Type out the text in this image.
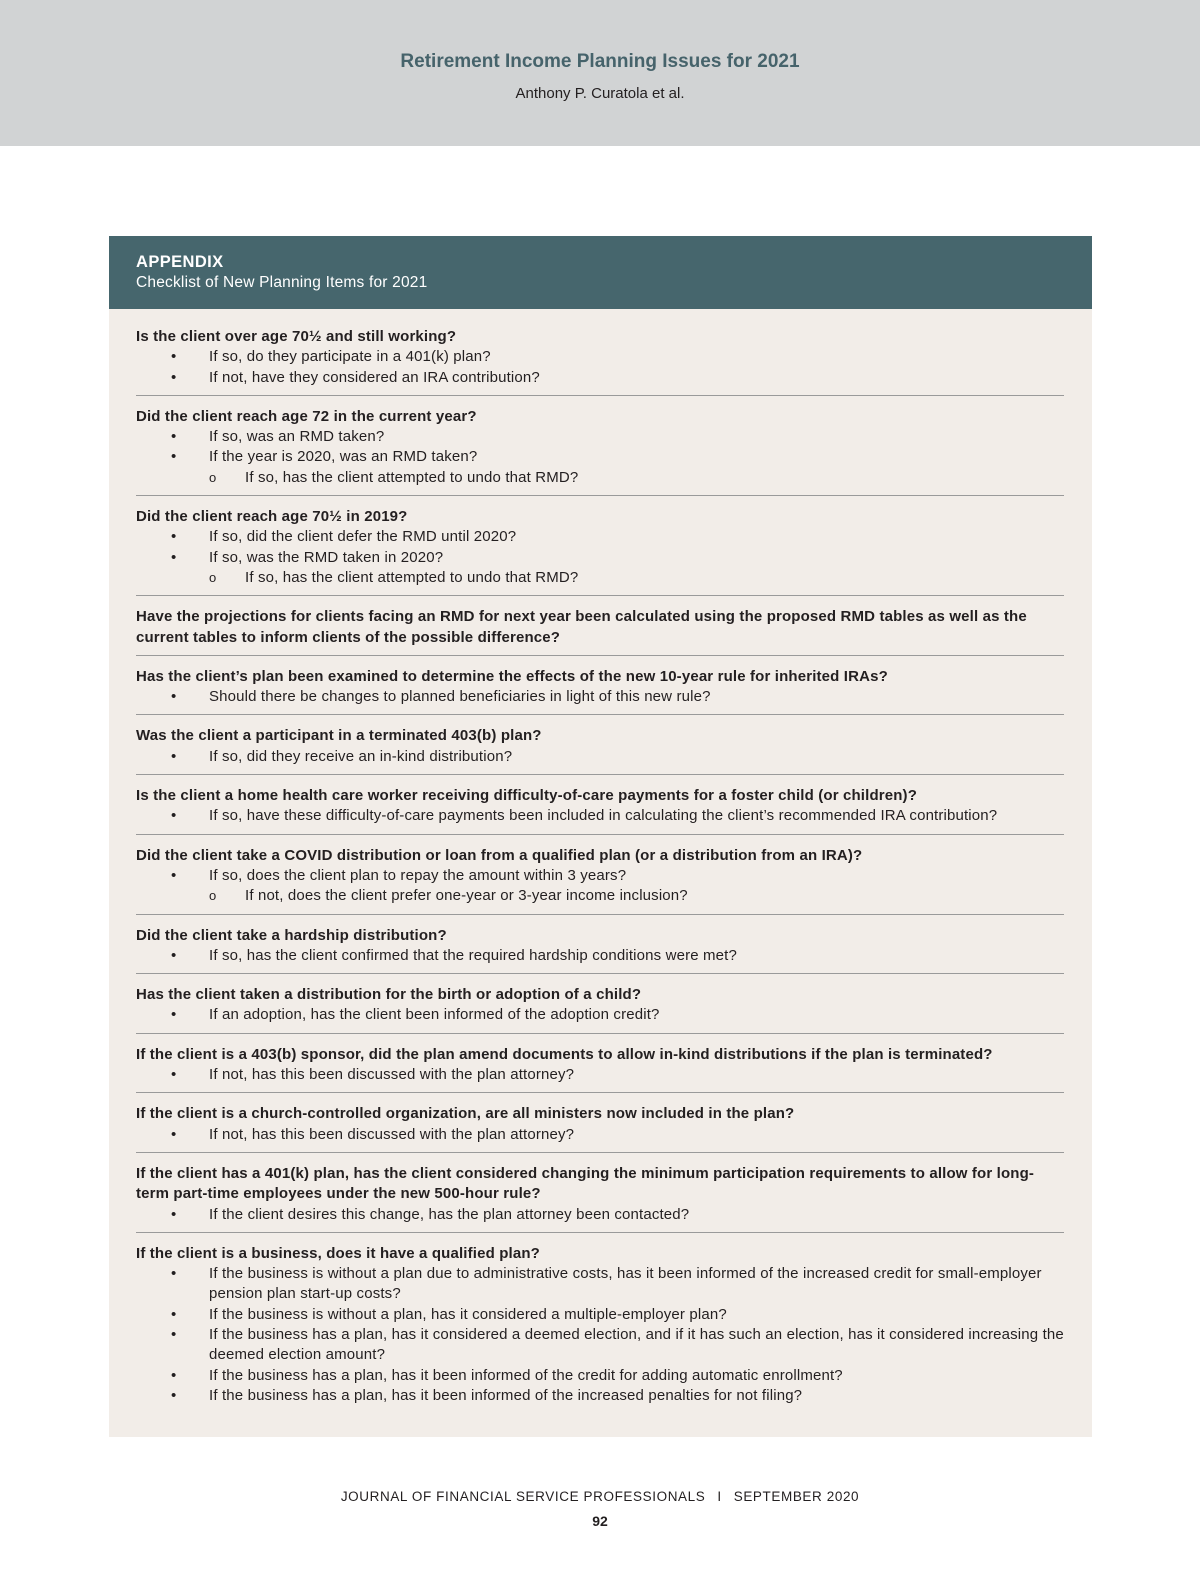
Retirement Income Planning Issues for 2021
Anthony P. Curatola et al.
APPENDIX
Checklist of New Planning Items for 2021
Is the client over age 70½ and still working?
• If so, do they participate in a 401(k) plan?
• If not, have they considered an IRA contribution?
Did the client reach age 72 in the current year?
• If so, was an RMD taken?
• If the year is 2020, was an RMD taken?
o If so, has the client attempted to undo that RMD?
Did the client reach age 70½ in 2019?
• If so, did the client defer the RMD until 2020?
• If so, was the RMD taken in 2020?
o If so, has the client attempted to undo that RMD?
Have the projections for clients facing an RMD for next year been calculated using the proposed RMD tables as well as the current tables to inform clients of the possible difference?
Has the client’s plan been examined to determine the effects of the new 10-year rule for inherited IRAs?
• Should there be changes to planned beneficiaries in light of this new rule?
Was the client a participant in a terminated 403(b) plan?
• If so, did they receive an in-kind distribution?
Is the client a home health care worker receiving difficulty-of-care payments for a foster child (or children)?
• If so, have these difficulty-of-care payments been included in calculating the client’s recommended IRA contribution?
Did the client take a COVID distribution or loan from a qualified plan (or a distribution from an IRA)?
• If so, does the client plan to repay the amount within 3 years?
o If not, does the client prefer one-year or 3-year income inclusion?
Did the client take a hardship distribution?
• If so, has the client confirmed that the required hardship conditions were met?
Has the client taken a distribution for the birth or adoption of a child?
• If an adoption, has the client been informed of the adoption credit?
If the client is a 403(b) sponsor, did the plan amend documents to allow in-kind distributions if the plan is terminated?
• If not, has this been discussed with the plan attorney?
If the client is a church-controlled organization, are all ministers now included in the plan?
• If not, has this been discussed with the plan attorney?
If the client has a 401(k) plan, has the client considered changing the minimum participation requirements to allow for long-term part-time employees under the new 500-hour rule?
• If the client desires this change, has the plan attorney been contacted?
If the client is a business, does it have a qualified plan?
• If the business is without a plan due to administrative costs, has it been informed of the increased credit for small-employer pension plan start-up costs?
• If the business is without a plan, has it considered a multiple-employer plan?
• If the business has a plan, has it considered a deemed election, and if it has such an election, has it considered increasing the deemed election amount?
• If the business has a plan, has it been informed of the credit for adding automatic enrollment?
• If the business has a plan, has it been informed of the increased penalties for not filing?
JOURNAL OF FINANCIAL SERVICE PROFESSIONALS I SEPTEMBER 2020
92
